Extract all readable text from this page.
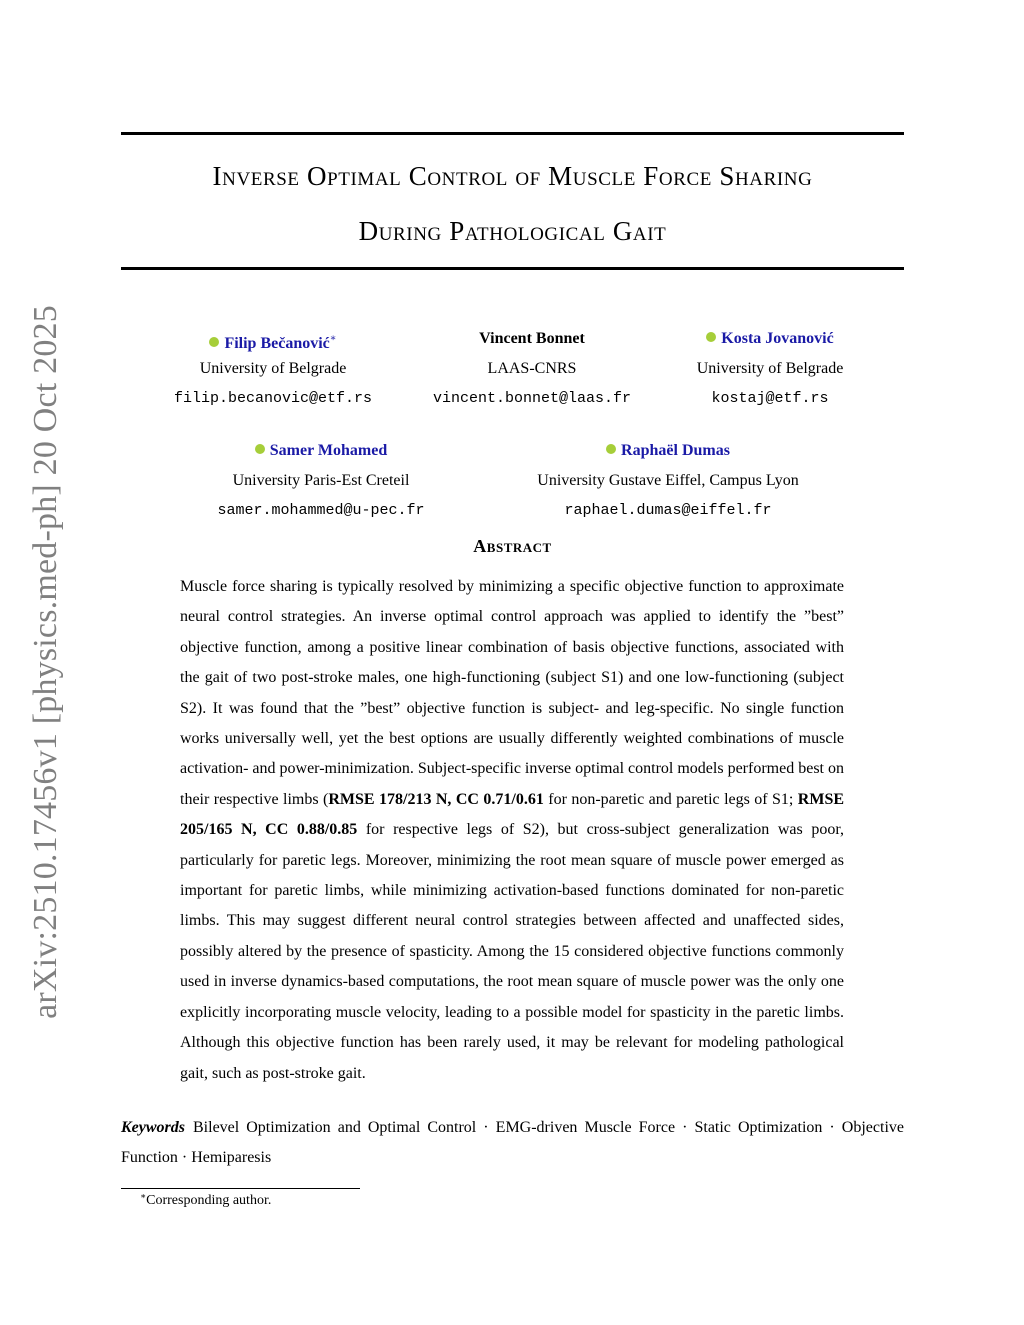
arXiv:2510.17456v1 [physics.med-ph] 20 Oct 2025
Inverse Optimal Control of Muscle Force Sharing
During Pathological Gait
Filip Bečanović∗
University of Belgrade
filip.becanovic@etf.rs
Vincent Bonnet
LAAS-CNRS
vincent.bonnet@laas.fr
Kosta Jovanović
University of Belgrade
kostaj@etf.rs
Samer Mohamed
University Paris-Est Creteil
samer.mohammed@u-pec.fr
Raphaël Dumas
University Gustave Eiffel, Campus Lyon
raphael.dumas@eiffel.fr
Abstract
Muscle force sharing is typically resolved by minimizing a specific objective function to approximate neural control strategies. An inverse optimal control approach was applied to identify the ”best” objective function, among a positive linear combination of basis objective functions, associated with the gait of two post-stroke males, one high-functioning (subject S1) and one low-functioning (subject S2). It was found that the ”best” objective function is subject- and leg-specific. No single function works universally well, yet the best options are usually differently weighted combinations of muscle activation- and power-minimization. Subject-specific inverse optimal control models performed best on their respective limbs (RMSE 178/213 N, CC 0.71/0.61 for non-paretic and paretic legs of S1; RMSE 205/165 N, CC 0.88/0.85 for respective legs of S2), but cross-subject generalization was poor, particularly for paretic legs. Moreover, minimizing the root mean square of muscle power emerged as important for paretic limbs, while minimizing activation-based functions dominated for non-paretic limbs. This may suggest different neural control strategies between affected and unaffected sides, possibly altered by the presence of spasticity. Among the 15 considered objective functions commonly used in inverse dynamics-based computations, the root mean square of muscle power was the only one explicitly incorporating muscle velocity, leading to a possible model for spasticity in the paretic limbs. Although this objective function has been rarely used, it may be relevant for modeling pathological gait, such as post-stroke gait.
Keywords Bilevel Optimization and Optimal Control · EMG-driven Muscle Force · Static Optimization · Objective Function · Hemiparesis
∗Corresponding author.
